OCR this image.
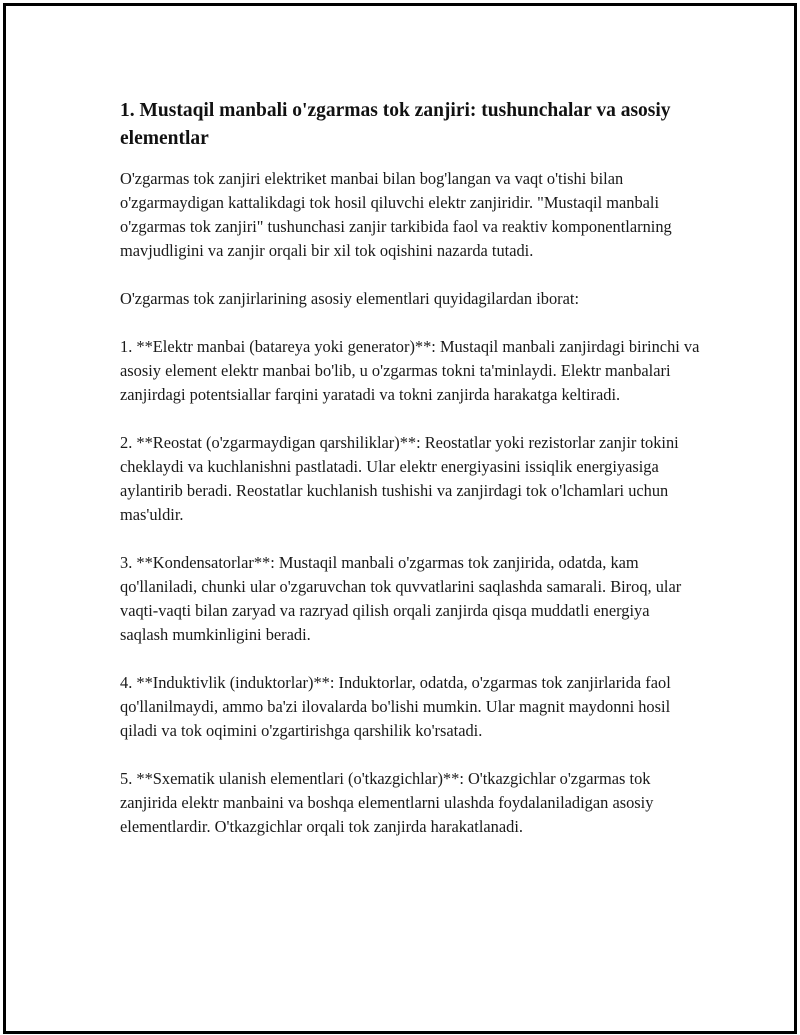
1. Mustaqil manbali o'zgarmas tok zanjiri: tushunchalar va asosiy elementlar

O'zgarmas tok zanjiri elektriket manbai bilan bog'langan va vaqt o'tishi bilan o'zgarmaydigan kattalikdagi tok hosil qiluvchi elektr zanjiridir. "Mustaqil manbali o'zgarmas tok zanjiri" tushunchasi zanjir tarkibida faol va reaktiv komponentlarning mavjudligini va zanjir orqali bir xil tok oqishini nazarda tutadi.

O'zgarmas tok zanjirlarining asosiy elementlari quyidagilardan iborat:

1. **Elektr manbai (batareya yoki generator)**: Mustaqil manbali zanjirdagi birinchi va asosiy element elektr manbai bo'lib, u o'zgarmas tokni ta'minlaydi. Elektr manbalari zanjirdagi potentsiallar farqini yaratadi va tokni zanjirda harakatga keltiradi.

2. **Reostat (o'zgarmaydigan qarshiliklar)**: Reostatlar yoki rezistorlar zanjir tokini cheklaydi va kuchlanishni pastlatadi. Ular elektr energiyasini issiqlik energiyasiga aylantirib beradi. Reostatlar kuchlanish tushishi va zanjirdagi tok o'lchamlari uchun mas'uldir.

3. **Kondensatorlar**: Mustaqil manbali o'zgarmas tok zanjirida, odatda, kam qo'llaniladi, chunki ular o'zgaruvchan tok quvvatlarini saqlashda samarali. Biroq, ular vaqti-vaqti bilan zaryad va razryad qilish orqali zanjirda qisqa muddatli energiya saqlash mumkinligini beradi.

4. **Induktivlik (induktorlar)**: Induktorlar, odatda, o'zgarmas tok zanjirlarida faol qo'llanilmaydi, ammo ba'zi ilovalarda bo'lishi mumkin. Ular magnit maydonni hosil qiladi va tok oqimini o'zgartirishga qarshilik ko'rsatadi.

5. **Sxematik ulanish elementlari (o'tkazgichlar)**: O'tkazgichlar o'zgarmas tok zanjirida elektr manbaini va boshqa elementlarni ulashda foydalaniladigan asosiy elementlardir. O'tkazgichlar orqali tok zanjirda harakatlanadi.
